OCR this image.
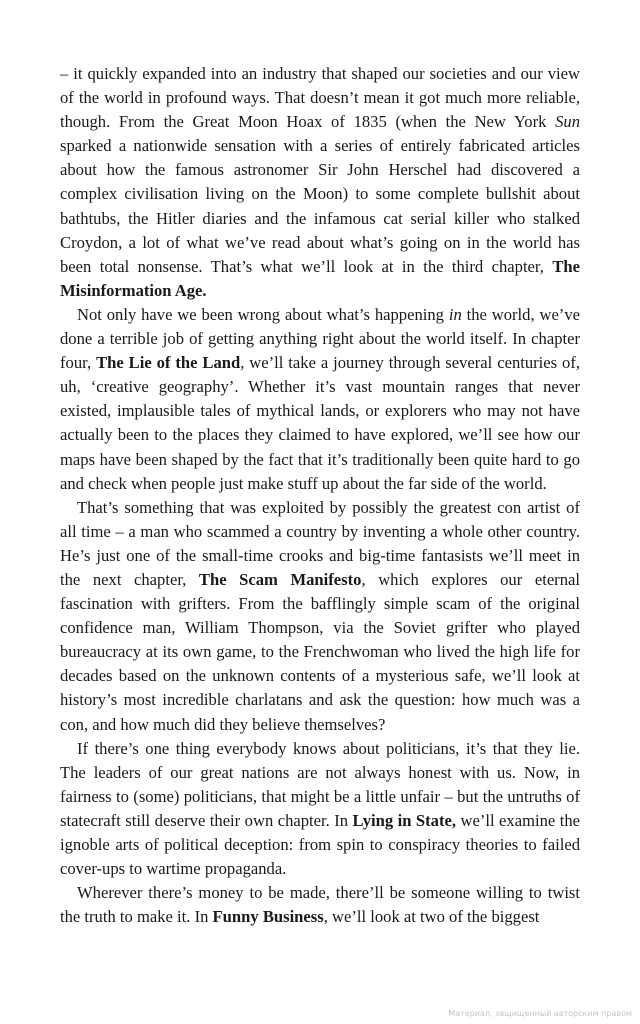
– it quickly expanded into an industry that shaped our societies and our view of the world in profound ways. That doesn’t mean it got much more reliable, though. From the Great Moon Hoax of 1835 (when the New York Sun sparked a nationwide sensation with a series of entirely fabricated articles about how the famous astronomer Sir John Herschel had discovered a complex civilisation living on the Moon) to some complete bullshit about bathtubs, the Hitler diaries and the infamous cat serial killer who stalked Croydon, a lot of what we’ve read about what’s going on in the world has been total nonsense. That’s what we’ll look at in the third chapter, The Misinformation Age.

Not only have we been wrong about what’s happening in the world, we’ve done a terrible job of getting anything right about the world itself. In chapter four, The Lie of the Land, we’ll take a journey through several centuries of, uh, ‘creative geography’. Whether it’s vast mountain ranges that never existed, implausible tales of mythical lands, or explorers who may not have actually been to the places they claimed to have explored, we’ll see how our maps have been shaped by the fact that it’s traditionally been quite hard to go and check when people just make stuff up about the far side of the world.

That’s something that was exploited by possibly the greatest con artist of all time – a man who scammed a country by inventing a whole other country. He’s just one of the small-time crooks and big-time fantasists we’ll meet in the next chapter, The Scam Manifesto, which explores our eternal fascination with grifters. From the bafflingly simple scam of the original confidence man, William Thompson, via the Soviet grifter who played bureaucracy at its own game, to the Frenchwoman who lived the high life for decades based on the unknown contents of a mysterious safe, we’ll look at history’s most incredible charlatans and ask the question: how much was a con, and how much did they believe themselves?

If there’s one thing everybody knows about politicians, it’s that they lie. The leaders of our great nations are not always honest with us. Now, in fairness to (some) politicians, that might be a little unfair – but the untruths of statecraft still deserve their own chapter. In Lying in State, we’ll examine the ignoble arts of political deception: from spin to conspiracy theories to failed cover-ups to wartime propaganda.

Wherever there’s money to be made, there’ll be someone willing to twist the truth to make it. In Funny Business, we’ll look at two of the biggest

Материал, защищенный авторским правом
